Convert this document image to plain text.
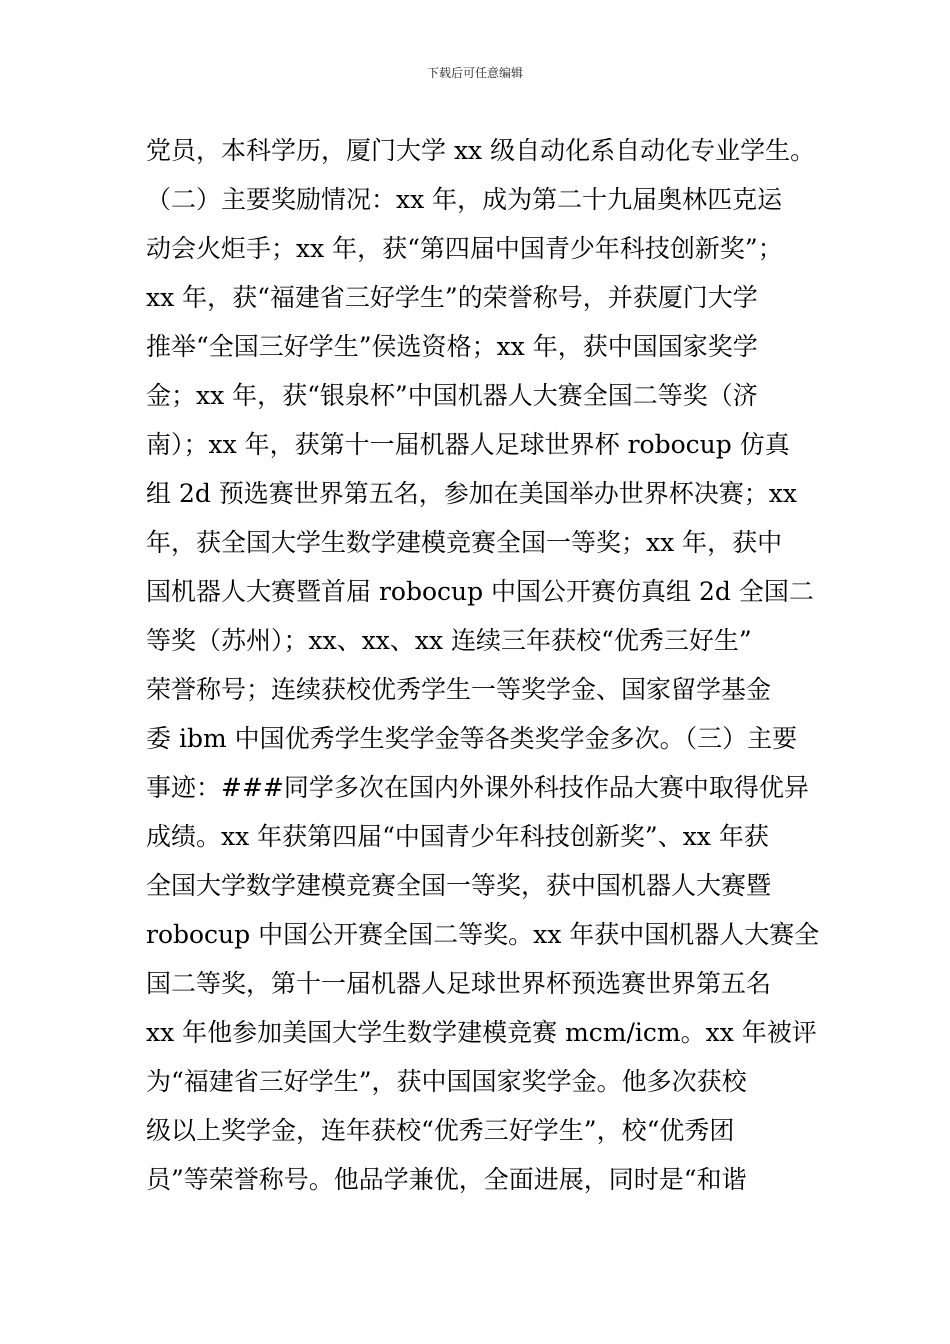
下载后可任意编辑
党员，本科学历，厦门大学 xx 级自动化系自动化专业学生。
（二）主要奖励情况：xx 年，成为第二十九届奥林匹克运
动会火炬手；xx 年，获“第四届中国青少年科技创新奖”；
xx 年，获“福建省三好学生”的荣誉称号，并获厦门大学
推举“全国三好学生”侯选资格；xx 年，获中国国家奖学
金；xx 年，获“银泉杯”中国机器人大赛全国二等奖（济
南）；xx 年，获第十一届机器人足球世界杯 robocup 仿真
组 2d 预选赛世界第五名，参加在美国举办世界杯决赛；xx
年，获全国大学生数学建模竞赛全国一等奖；xx 年，获中
国机器人大赛暨首届 robocup 中国公开赛仿真组 2d 全国二
等奖（苏州）；xx、xx、xx 连续三年获校“优秀三好生”
荣誉称号；连续获校优秀学生一等奖学金、国家留学基金
委 ibm 中国优秀学生奖学金等各类奖学金多次。（三）主要
事迹：###同学多次在国内外课外科技作品大赛中取得优异
成绩。xx 年获第四届“中国青少年科技创新奖”、xx 年获
全国大学数学建模竞赛全国一等奖，获中国机器人大赛暨
robocup 中国公开赛全国二等奖。xx 年获中国机器人大赛全
国二等奖，第十一届机器人足球世界杯预选赛世界第五名
xx 年他参加美国大学生数学建模竞赛 mcm/icm。xx 年被评
为“福建省三好学生”，获中国国家奖学金。他多次获校
级以上奖学金，连年获校“优秀三好学生”，校“优秀团
员”等荣誉称号。他品学兼优，全面进展，同时是“和谐
